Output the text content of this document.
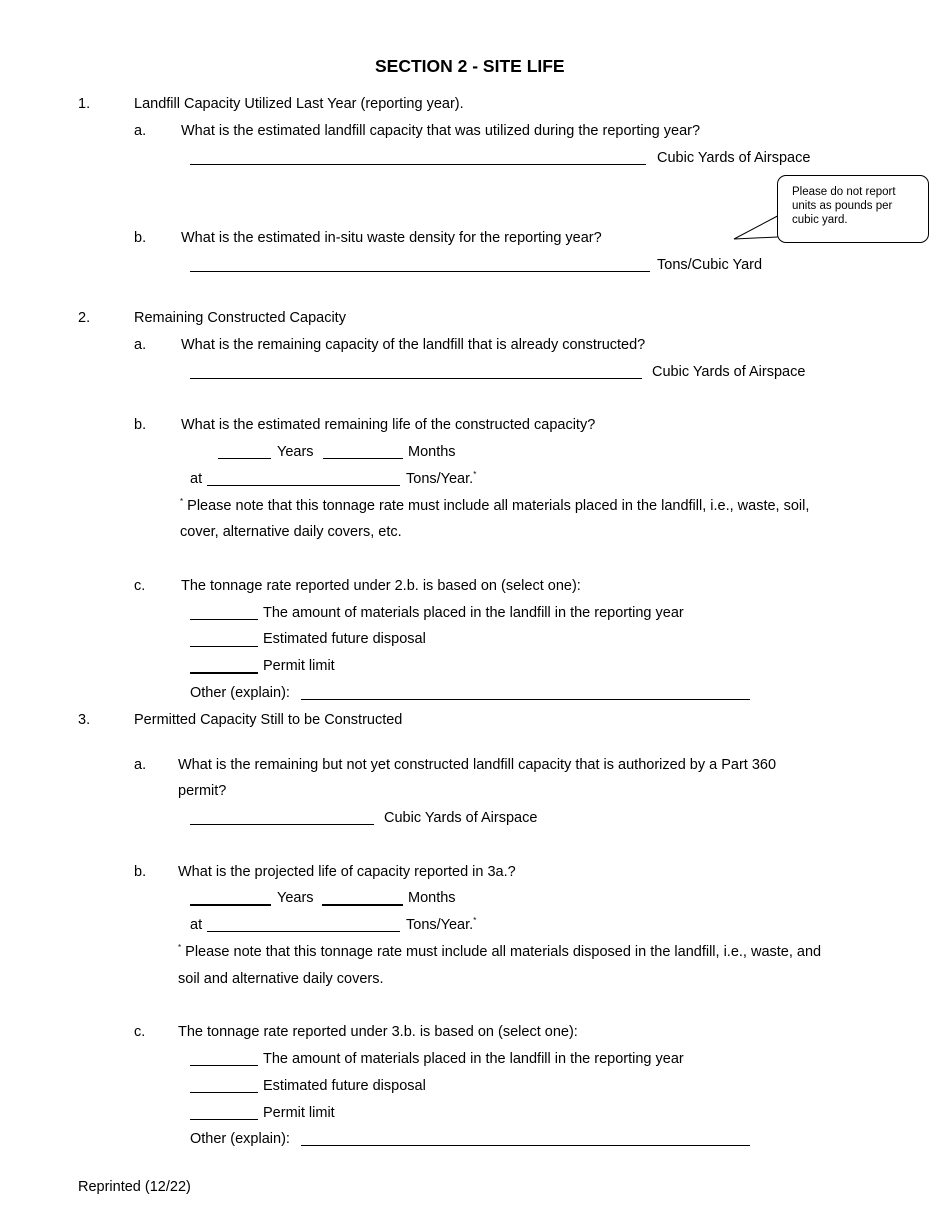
SECTION 2 - SITE LIFE
1.	Landfill Capacity Utilized Last Year (reporting year).
a. What is the estimated landfill capacity that was utilized during the reporting year?
Cubic Yards of Airspace
Please do not report units as pounds per cubic yard.
b. What is the estimated in-situ waste density for the reporting year?
Tons/Cubic Yard
2.	Remaining Constructed Capacity
a. What is the remaining capacity of the landfill that is already constructed?
Cubic Yards of Airspace
b. What is the estimated remaining life of the constructed capacity?
Years	Months
at	Tons/Year.*
* Please note that this tonnage rate must include all materials placed in the landfill, i.e., waste, soil,
cover, alternative daily covers, etc.
c. The tonnage rate reported under 2.b. is based on (select one):
The amount of materials placed in the landfill in the reporting year
Estimated future disposal
Permit limit
Other (explain):
3.	Permitted Capacity Still to be Constructed
a. What is the remaining but not yet constructed landfill capacity that is authorized by a Part 360
permit?
Cubic Yards of Airspace
b. What is the projected life of capacity reported in 3a.?
Years	Months
at	Tons/Year.*
* Please note that this tonnage rate must include all materials disposed in the landfill, i.e., waste, and
soil and alternative daily covers.
c. The tonnage rate reported under 3.b. is based on (select one):
The amount of materials placed in the landfill in the reporting year
Estimated future disposal
Permit limit
Other (explain):
Reprinted (12/22)
